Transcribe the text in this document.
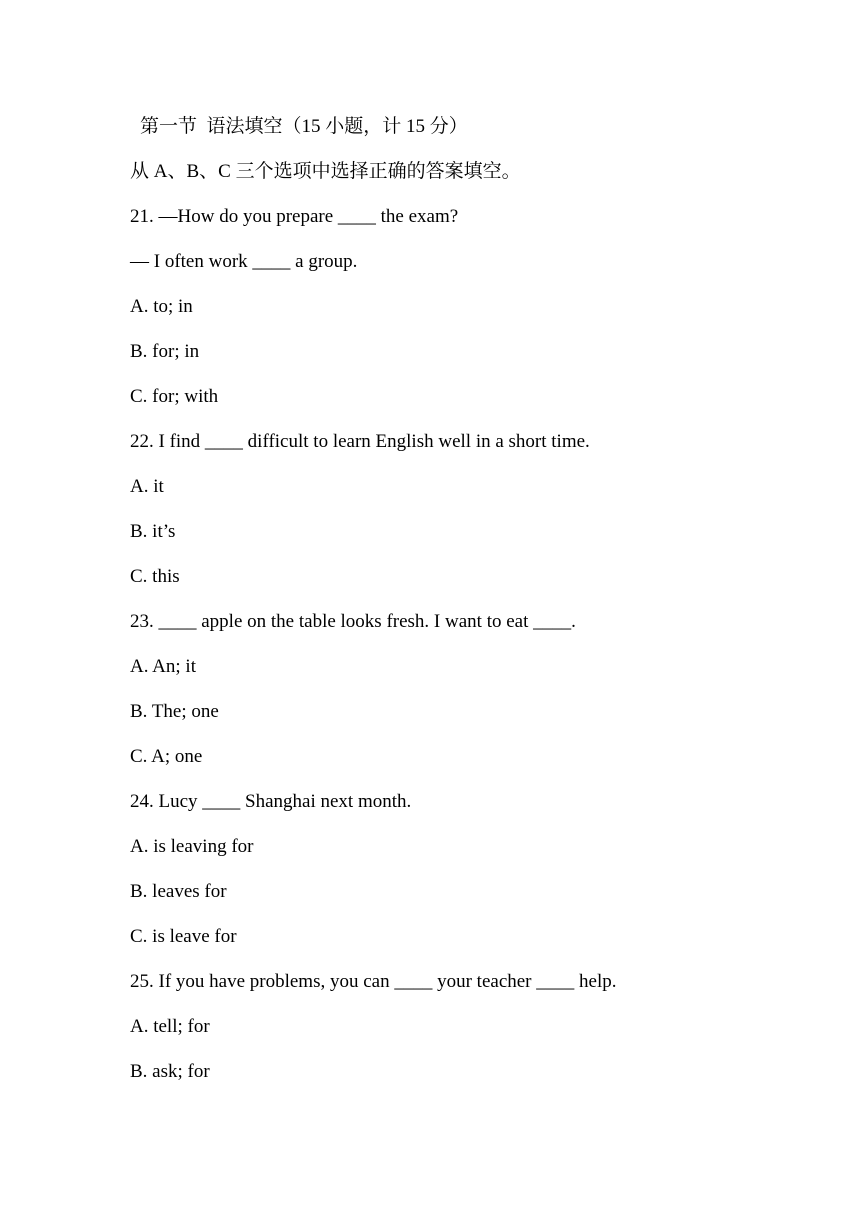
第一节  语法填空（15 小题，计 15 分）
从 A、B、C 三个选项中选择正确的答案填空。
21. —How do you prepare ____ the exam?
— I often work ____ a group.
A. to; in
B. for; in
C. for; with
22. I find ____ difficult to learn English well in a short time.
A. it
B. it’s
C. this
23. ____ apple on the table looks fresh. I want to eat ____.
A. An; it
B. The; one
C. A; one
24. Lucy ____ Shanghai next month.
A. is leaving for
B. leaves for
C. is leave for
25. If you have problems, you can ____ your teacher ____ help.
A. tell; for
B. ask; for
